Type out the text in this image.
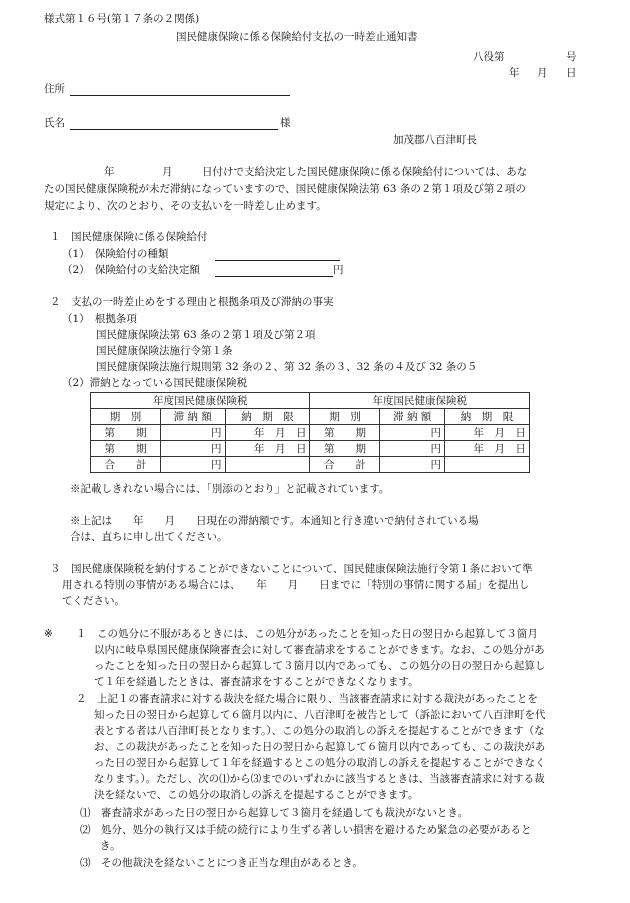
様式第１６号(第１７条の２関係)
国民健康保険に係る保険給付支払の一時差止通知書
八役第	号
年 月 日
住所
氏名	様
加茂郡八百津町長
年	月	日付けで支給決定した国民健康保険に係る保険給付については、あな
たの国民健康保険税が未だ滞納になっていますので、国民健康保険法第 63 条の２第１項及び第２項の
規定により、次のとおり、その支払いを一時差し止めます。
１　国民健康保険に係る保険給付
（1）　保険給付の種類
（2）　保険給付の支給決定額	円
２　支払の一時差止めをする理由と根拠条項及び滞納の事実
（1）　根拠条項
国民健康保険法第 63 条の２第１項及び第２項
国民健康保険法施行令第１条
国民健康保険法施行規則第 32 条の２、第 32 条の３、32 条の４及び 32 条の５
（2）滞納となっている国民健康保険税
年度国民健康保険税			年度国民健康保険税		
期　別	滞 納 額	納　期　限	期　別	滞 納 額	納　期　限
第　　期	円	年　月　日	第　　期	円	年　月　日
第　　期	円	年　月　日	第　　期	円	年　月　日
合　　計	円		合　　計	円	
※記載しきれない場合には、「別添のとおり」と記載されています。
※上記は　　年　　月　　日現在の滞納額です。本通知と行き違いで納付されている場
合は、直ちに申し出てください。
３　国民健康保険税を納付することができないことについて、国民健康保険法施行令第１条において準
用される特別の事情がある場合には、　　年　　月　　日までに「特別の事情に関する届」を提出し
てください。
※ １　この処分に不服があるときには、この処分があったことを知った日の翌日から起算して３箇月
以内に岐阜県国民健康保険審査会に対して審査請求をすることができます。なお、この処分があ
ったことを知った日の翌日から起算して３箇月以内であっても、この処分の日の翌日から起算し
て１年を経過したときは、審査請求をすることができなくなります。
２　上記１の審査請求に対する裁決を経た場合に限り、当該審査請求に対する裁決があったことを
知った日の翌日から起算して６箇月以内に、八百津町を被告として（訴訟において八百津町を代
表とする者は八百津町長となります。）、この処分の取消しの訴えを提起することができます（な
お、この裁決があったことを知った日の翌日から起算して６箇月以内であっても、この裁決があ
った日の翌日から起算して１年を経過するとこの処分の取消しの訴えを提起することができなく
なります。）。ただし、次の⑴から⑶までのいずれかに該当するときは、当該審査請求に対する裁
決を経ないで、この処分の取消しの訴えを提起することができます。
⑴　審査請求があった日の翌日から起算して３箇月を経過しても裁決がないとき。
⑵　処分、処分の執行又は手続の続行により生ずる著しい損害を避けるため緊急の必要があると
き。
⑶　その他裁決を経ないことにつき正当な理由があるとき。
